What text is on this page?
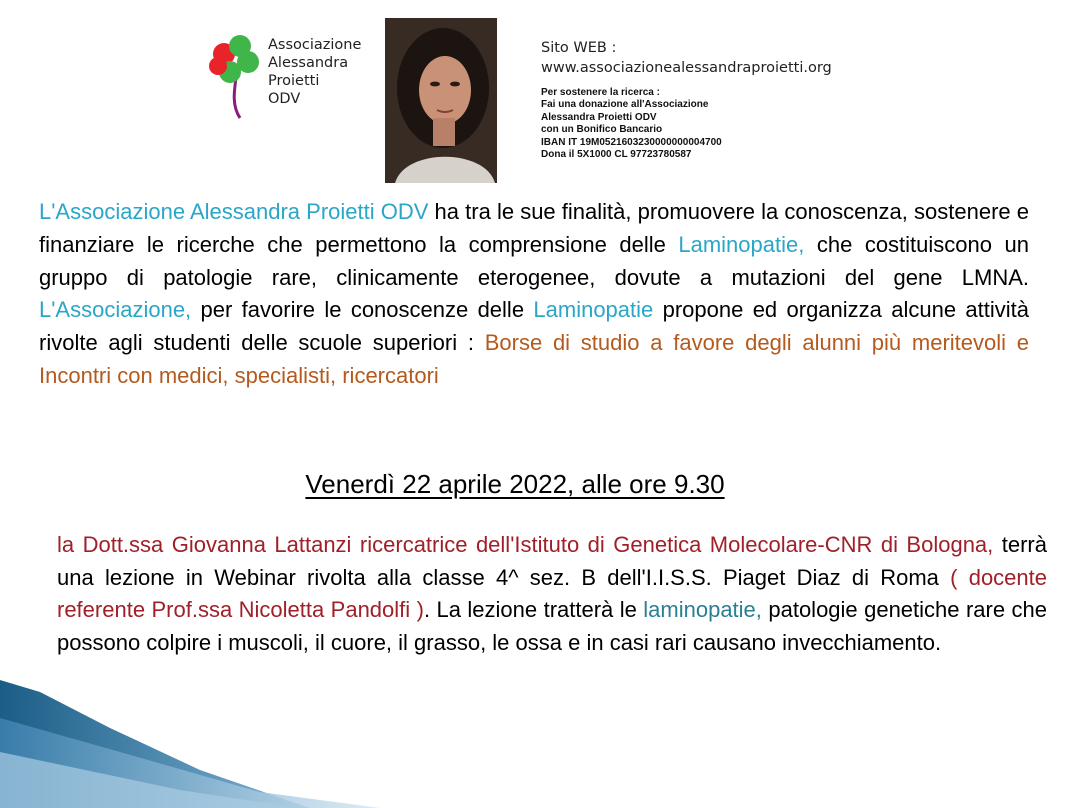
Associazione
Alessandra
Proietti
ODV
Sito WEB :
www.associazionealessandraproietti.org
Per sostenere la ricerca :
Fai una donazione all'Associazione
Alessandra Proietti ODV
con un Bonifico Bancario
IBAN IT 19M0521603230000000004700
Dona il 5X1000 CL 97723780587
L'Associazione Alessandra Proietti ODV ha tra le sue finalità, promuovere la conoscenza, sostenere e finanziare le ricerche che permettono la comprensione delle Laminopatie, che costituiscono un gruppo di patologie rare, clinicamente eterogenee, dovute a mutazioni del gene LMNA. L'Associazione, per favorire le conoscenze delle Laminopatie propone ed organizza alcune attività rivolte agli studenti delle scuole superiori : Borse di studio a favore degli alunni più meritevoli e Incontri con medici, specialisti, ricercatori
Venerdì 22 aprile 2022, alle ore 9.30
la Dott.ssa Giovanna Lattanzi ricercatrice dell'Istituto di Genetica Molecolare-CNR di Bologna, terrà una lezione in Webinar rivolta alla classe 4^ sez. B dell'I.I.S.S. Piaget Diaz di Roma ( docente referente Prof.ssa Nicoletta Pandolfi ). La lezione tratterà le laminopatie, patologie genetiche rare che possono colpire i muscoli, il cuore, il grasso, le ossa e in casi rari causano invecchiamento.
